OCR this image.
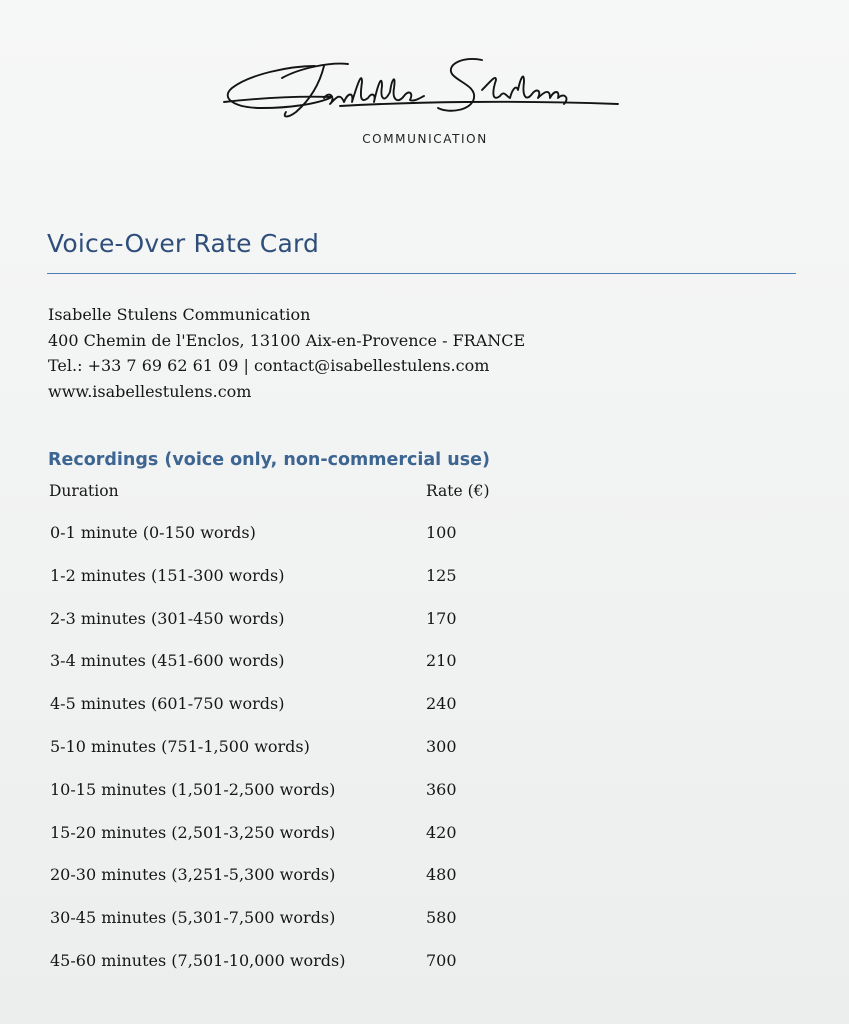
COMMUNICATION
Voice-Over Rate Card
Isabelle Stulens Communication
400 Chemin de l'Enclos, 13100 Aix-en-Provence - FRANCE
Tel.: +33 7 69 62 61 09 | contact@isabellestulens.com
www.isabellestulens.com
Recordings (voice only, non-commercial use)
Duration	Rate (€)
0-1 minute (0-150 words)	100
1-2 minutes (151-300 words)	125
2-3 minutes (301-450 words)	170
3-4 minutes (451-600 words)	210
4-5 minutes (601-750 words)	240
5-10 minutes (751-1,500 words)	300
10-15 minutes (1,501-2,500 words)	360
15-20 minutes (2,501-3,250 words)	420
20-30 minutes (3,251-5,300 words)	480
30-45 minutes (5,301-7,500 words)	580
45-60 minutes (7,501-10,000 words)	700
